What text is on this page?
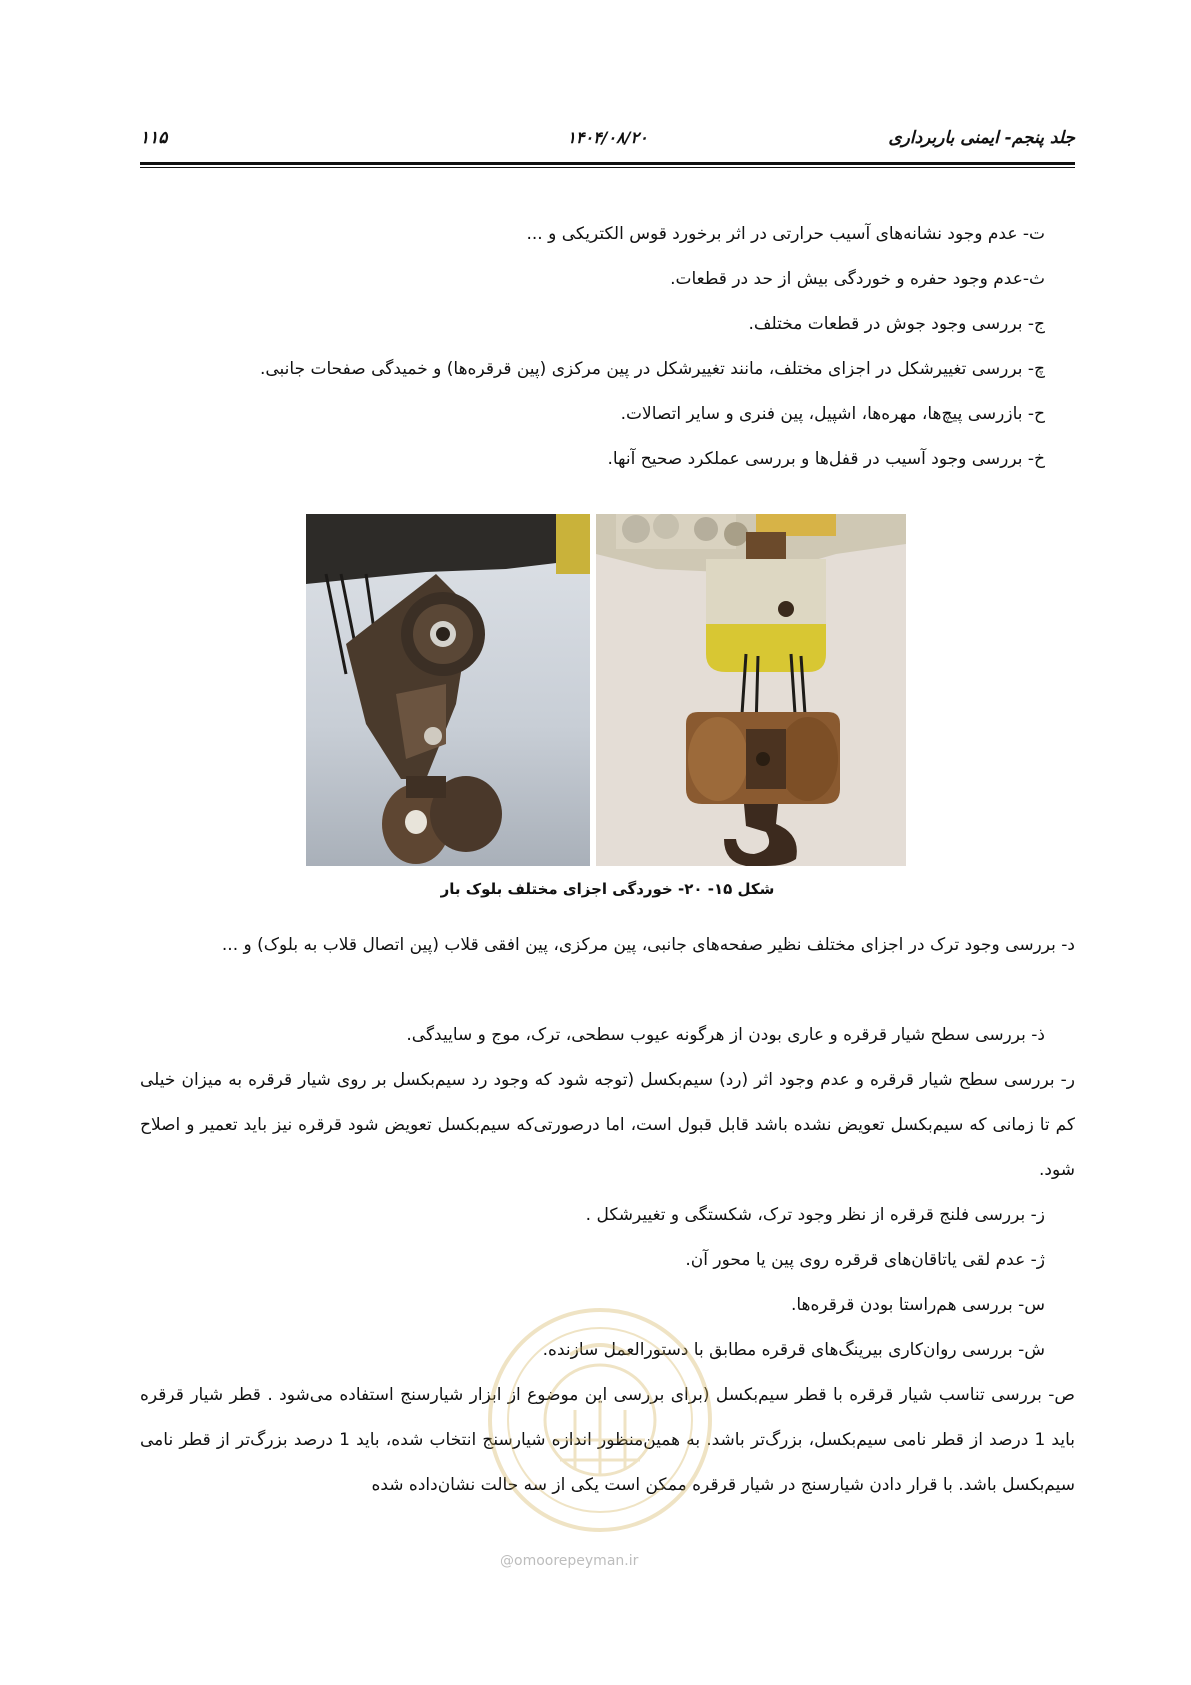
جلد پنجم- ایمنی باربرداری
۱۴۰۴/۰۸/۲۰
۱۱۵

ت- عدم وجود نشانه‌های آسیب حرارتی در اثر برخورد قوس الکتریکی و ...

ث-عدم وجود حفره و خوردگی بیش از حد در قطعات.

ج- بررسی وجود جوش در قطعات مختلف.

چ- بررسی تغییرشکل در اجزای مختلف، مانند تغییرشکل در پین مرکزی (پین قرقره‌ها) و خمیدگی صفحات جانبی.

ح- بازرسی پیچ‌ها، مهره‌ها، اشپیل، پین فنری و سایر اتصالات.

خ- بررسی وجود آسیب در قفل‌ها و بررسی عملکرد صحیح آنها.

شکل ۱۵- ۲۰- خوردگی اجزای مختلف بلوک بار

د- بررسی وجود ترک در اجزای مختلف نظیر صفحه‌های جانبی، پین مرکزی، پین افقی قلاب (پین اتصال قلاب به بلوک) و ...

ذ- بررسی سطح شیار قرقره و عاری بودن از هرگونه عیوب سطحی، ترک، موج و ساییدگی.

ر- بررسی سطح شیار قرقره و عدم وجود اثر (رد) سیم‌بکسل (توجه شود که وجود رد سیم‌بکسل بر روی شیار قرقره به میزان خیلی کم تا زمانی که سیم‌بکسل تعویض نشده باشد قابل قبول است، اما درصورتی‌که سیم‌بکسل تعویض شود قرقره نیز باید تعمیر و اصلاح شود.

ز- بررسی فلنج قرقره از نظر وجود ترک، شکستگی و تغییرشکل .

ژ- عدم لقی یاتاقان‌های قرقره روی پین یا محور آن.

س- بررسی هم‌راستا بودن قرقره‌ها.

ش- بررسی روان‌کاری بیرینگ‌های قرقره مطابق با دستورالعمل سازنده.

ص- بررسی تناسب شیار قرقره با قطر سیم‌بکسل (برای بررسی این موضوع از ابزار شیارسنج استفاده می‌شود . قطر شیار قرقره باید 1 درصد از قطر نامی سیم‌بکسل، بزرگ‌تر باشد. به همین‌منظور اندازه شیارسنج انتخاب شده، باید 1 درصد بزرگ‌تر از قطر نامی سیم‌بکسل باشد. با قرار دادن شیارسنج در شیار قرقره ممکن است یکی از سه حالت نشان‌داده شده

@omoorepeyman.ir
